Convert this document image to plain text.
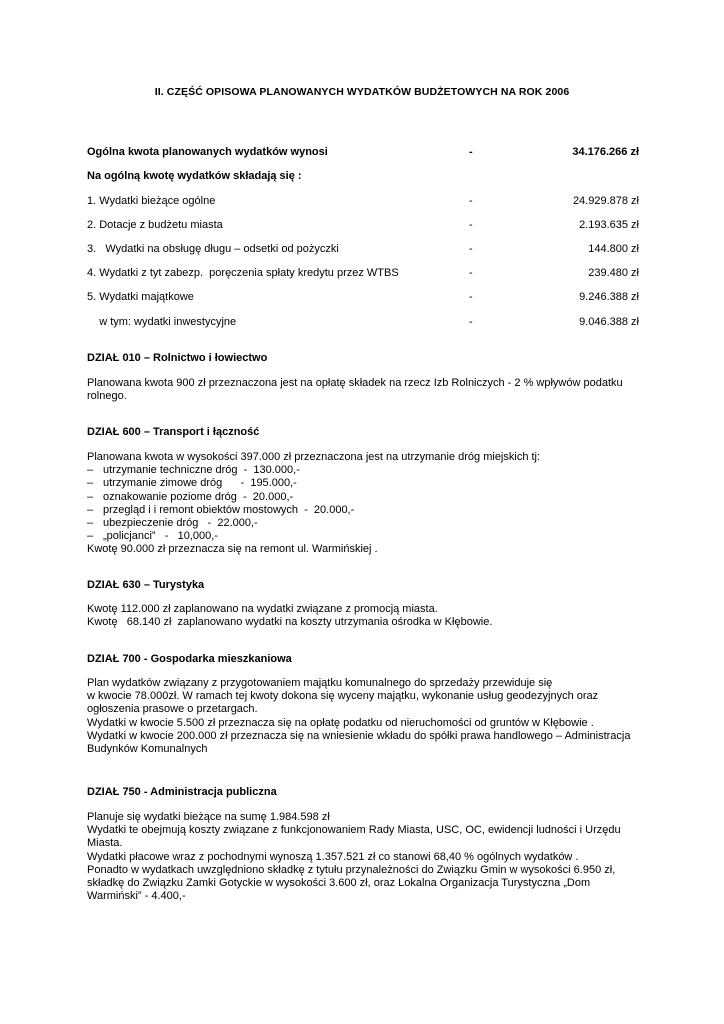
II. CZĘŚĆ OPISOWA PLANOWANYCH WYDATKÓW BUDŻETOWYCH NA ROK 2006
Ogólna kwota planowanych wydatków wynosi	-	34.176.266 zł
Na ogólną kwotę wydatków składają się :
1. Wydatki bieżące ogólne	-	24.929.878 zł
2. Dotacje z budżetu miasta	-	2.193.635 zł
3.   Wydatki na obsługę długu – odsetki od pożyczki	-	144.800 zł
4. Wydatki z tyt zabezp.  poręczenia spłaty kredytu przez WTBS	-	239.480 zł
5. Wydatki majątkowe	-	9.246.388 zł
w tym: wydatki inwestycyjne	-	9.046.388 zł
DZIAŁ 010 – Rolnictwo i łowiectwo
Planowana kwota 900 zł przeznaczona jest na opłatę składek na rzecz Izb Rolniczych - 2 % wpływów podatku
rolnego.
DZIAŁ 600 – Transport i łączność
Planowana kwota w wysokości 397.000 zł przeznaczona jest na utrzymanie dróg miejskich tj:
– utrzymanie techniczne dróg  -  130.000,-
– utrzymanie zimowe dróg      -  195.000,-
– oznakowanie poziome dróg  -  20.000,-
– przegląd i i remont obiektów mostowych  -  20.000,-
– ubezpieczenie dróg   -  22.000,-
– „policjanci”   -   10,000,-
Kwotę 90.000 zł przeznacza się na remont ul. Warmińskiej .
DZIAŁ 630 – Turystyka
Kwotę 112.000 zł zaplanowano na wydatki związane z promocją miasta.
Kwotę   68.140 zł  zaplanowano wydatki na koszty utrzymania ośrodka w Kłębowie.
DZIAŁ 700 - Gospodarka mieszkaniowa
Plan wydatków związany z przygotowaniem majątku komunalnego do sprzedaży przewiduje się
w kwocie 78.000zł. W ramach tej kwoty dokona się wyceny majątku, wykonanie usług geodezyjnych oraz
ogłoszenia prasowe o przetargach.
Wydatki w kwocie 5.500 zł przeznacza się na opłatę podatku od nieruchomości od gruntów w Kłębowie .
Wydatki w kwocie 200.000 zł przeznacza się na wniesienie wkładu do spółki prawa handlowego – Administracja
Budynków Komunalnych
DZIAŁ 750 - Administracja publiczna
Planuje się wydatki bieżące na sumę 1.984.598 zł
Wydatki te obejmują koszty związane z funkcjonowaniem Rady Miasta, USC, OC, ewidencji ludności i Urzędu
Miasta.
Wydatki płacowe wraz z pochodnymi wynoszą 1.357.521 zł co stanowi 68,40 % ogólnych wydatków .
Ponadto w wydatkach uwzględniono składkę z tytułu przynależności do Związku Gmin w wysokości 6.950 zł,
składkę do Związku Zamki Gotyckie w wysokości 3.600 zł, oraz Lokalna Organizacja Turystyczna „Dom
Warmiński” - 4.400,-
